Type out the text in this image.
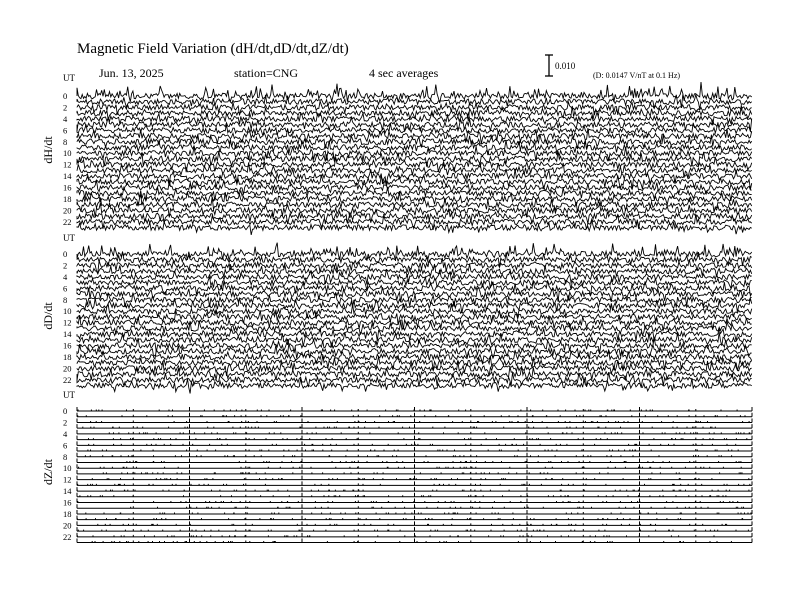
Magnetic Field Variation (dH/dt,dD/dt,dZ/dt)
Jun. 13, 2025	station=CNG	4 sec averages	0.010
(D: 0.0147 V/nT at 0.1 Hz)
UT
dH/dt
0
2
4
6
8
10
12
14
16
18
20
22
UT
dD/dt
0
2
4
6
8
10
12
14
16
18
20
22
UT
dZ/dt
0
2
4
6
8
10
12
14
16
18
20
22
